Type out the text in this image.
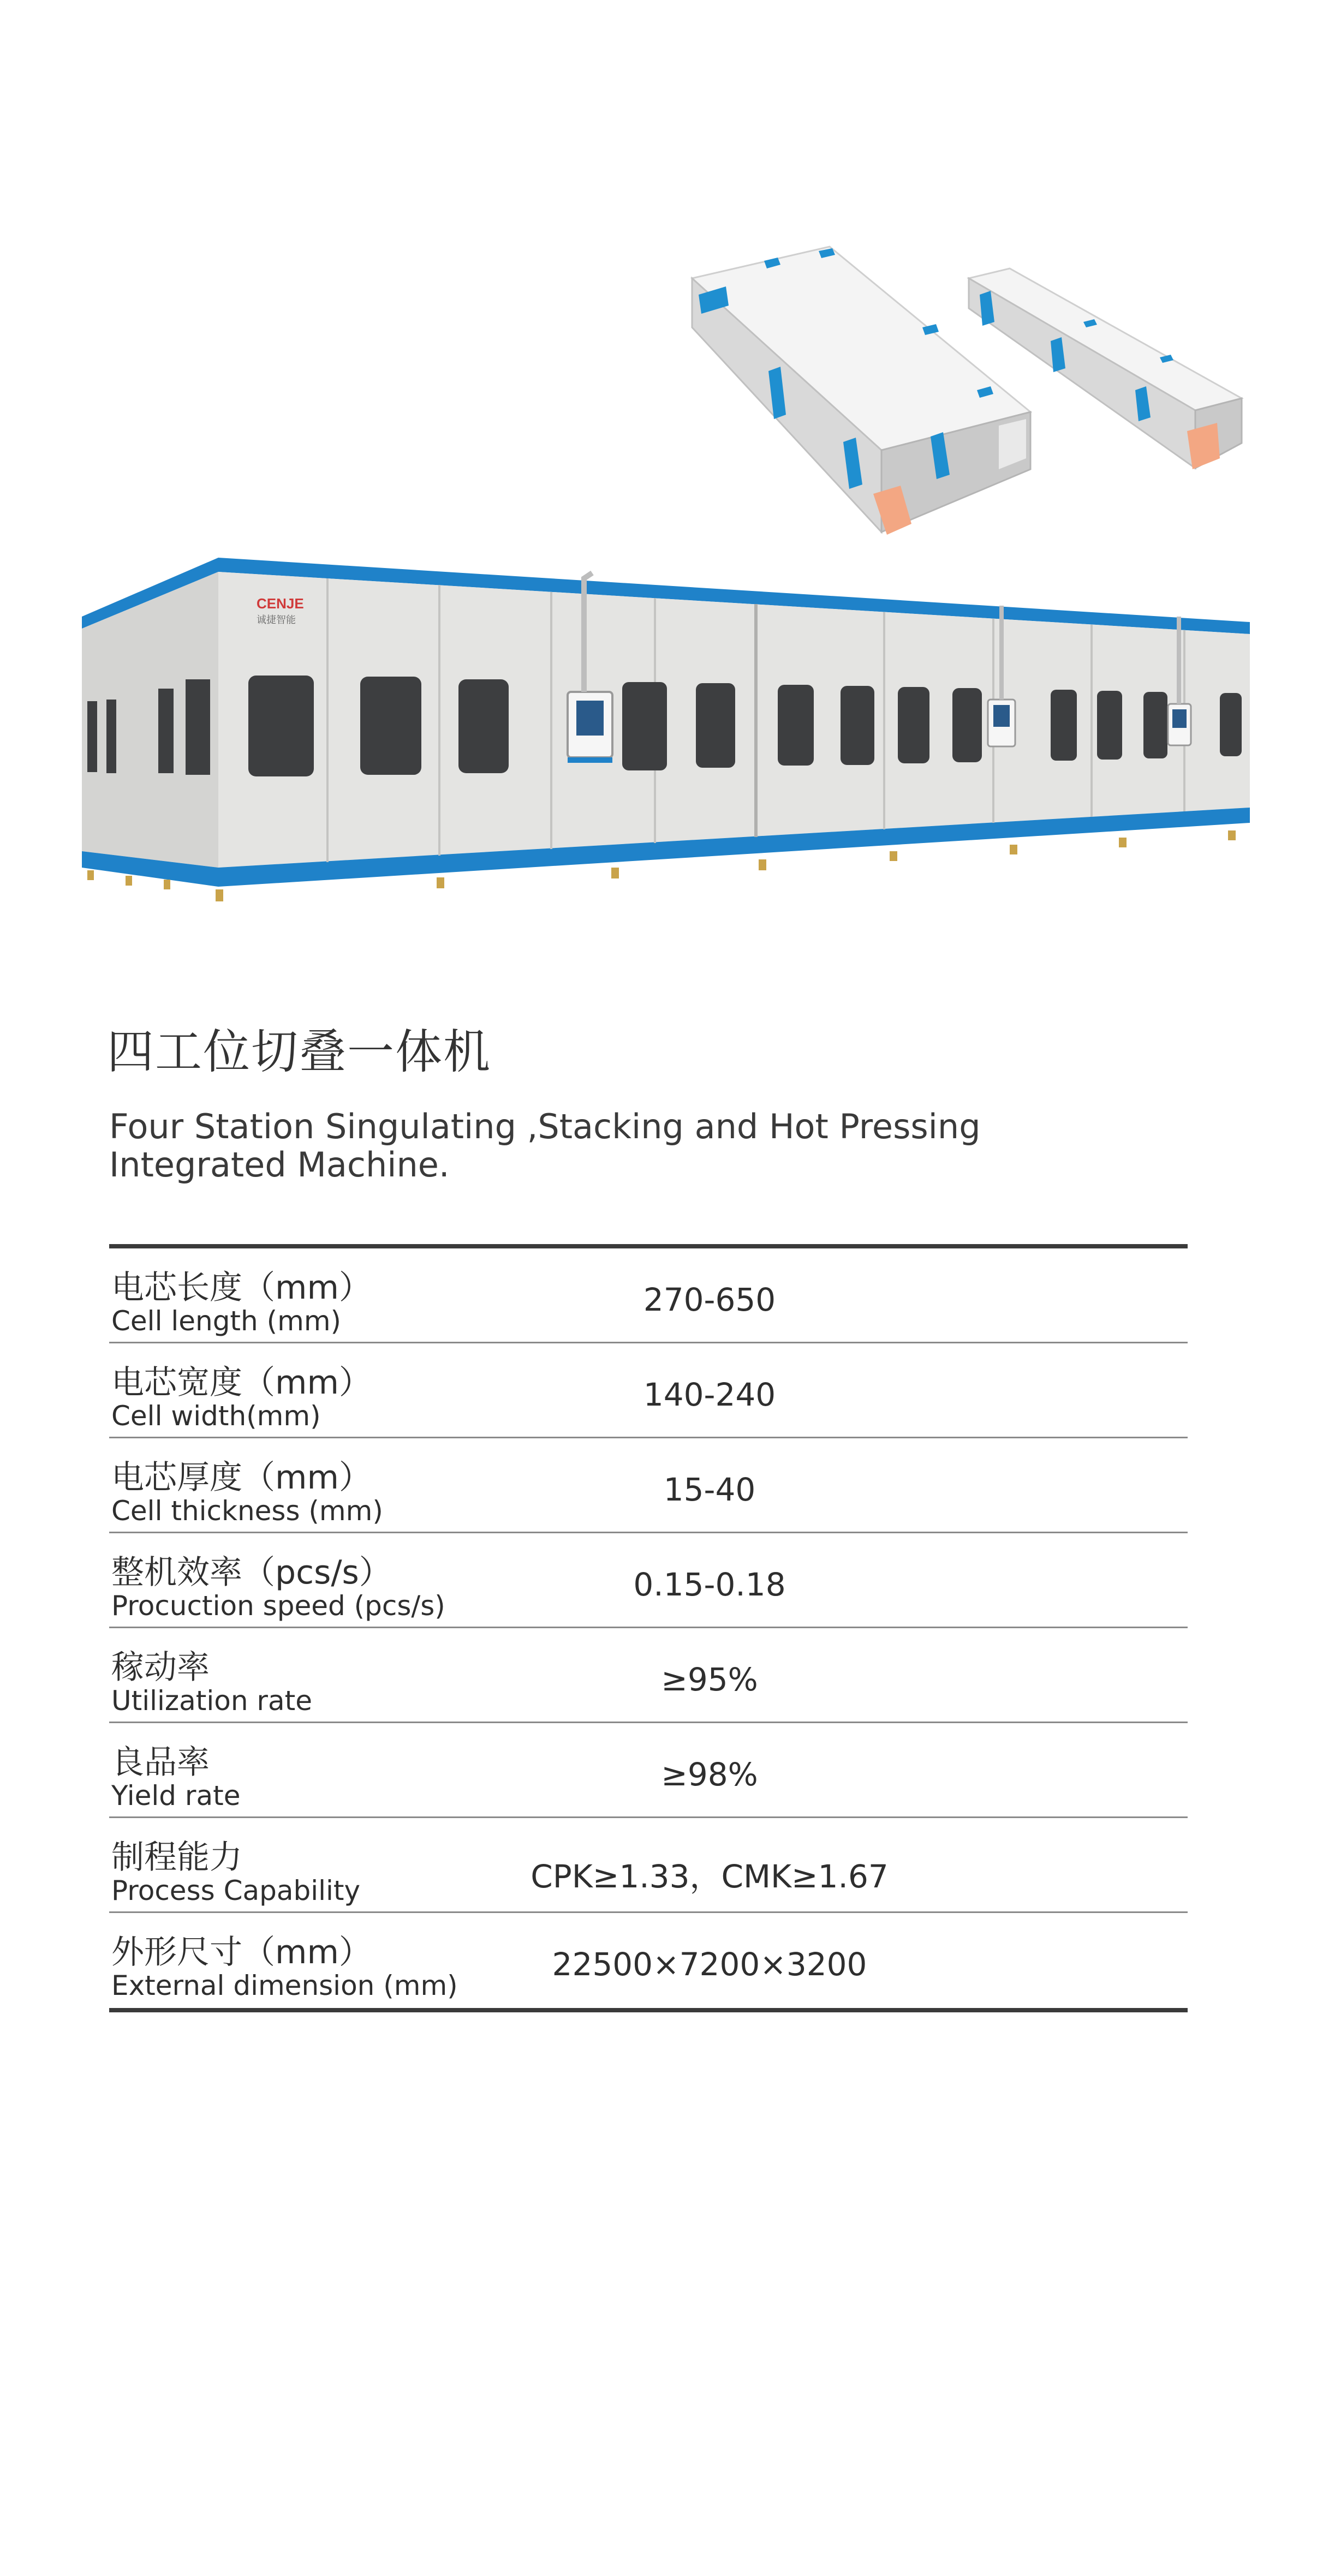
CENJE
诚捷智能
四工位切叠一体机
Four Station Singulating ,Stacking and Hot Pressing
Integrated Machine.
电芯长度（mm）
Cell length (mm)
270-650
电芯宽度（mm）
Cell width(mm)
140-240
电芯厚度（mm）
Cell thickness (mm)
15-40
整机效率（pcs/s）
Procuction speed (pcs/s)
0.15-0.18
稼动率
Utilization rate
≥95%
良品率
Yield rate
≥98%
制程能力
Process Capability	CPK≥1.33，CMK≥1.67
外形尺寸（mm）
External dimension (mm)
22500×7200×3200
